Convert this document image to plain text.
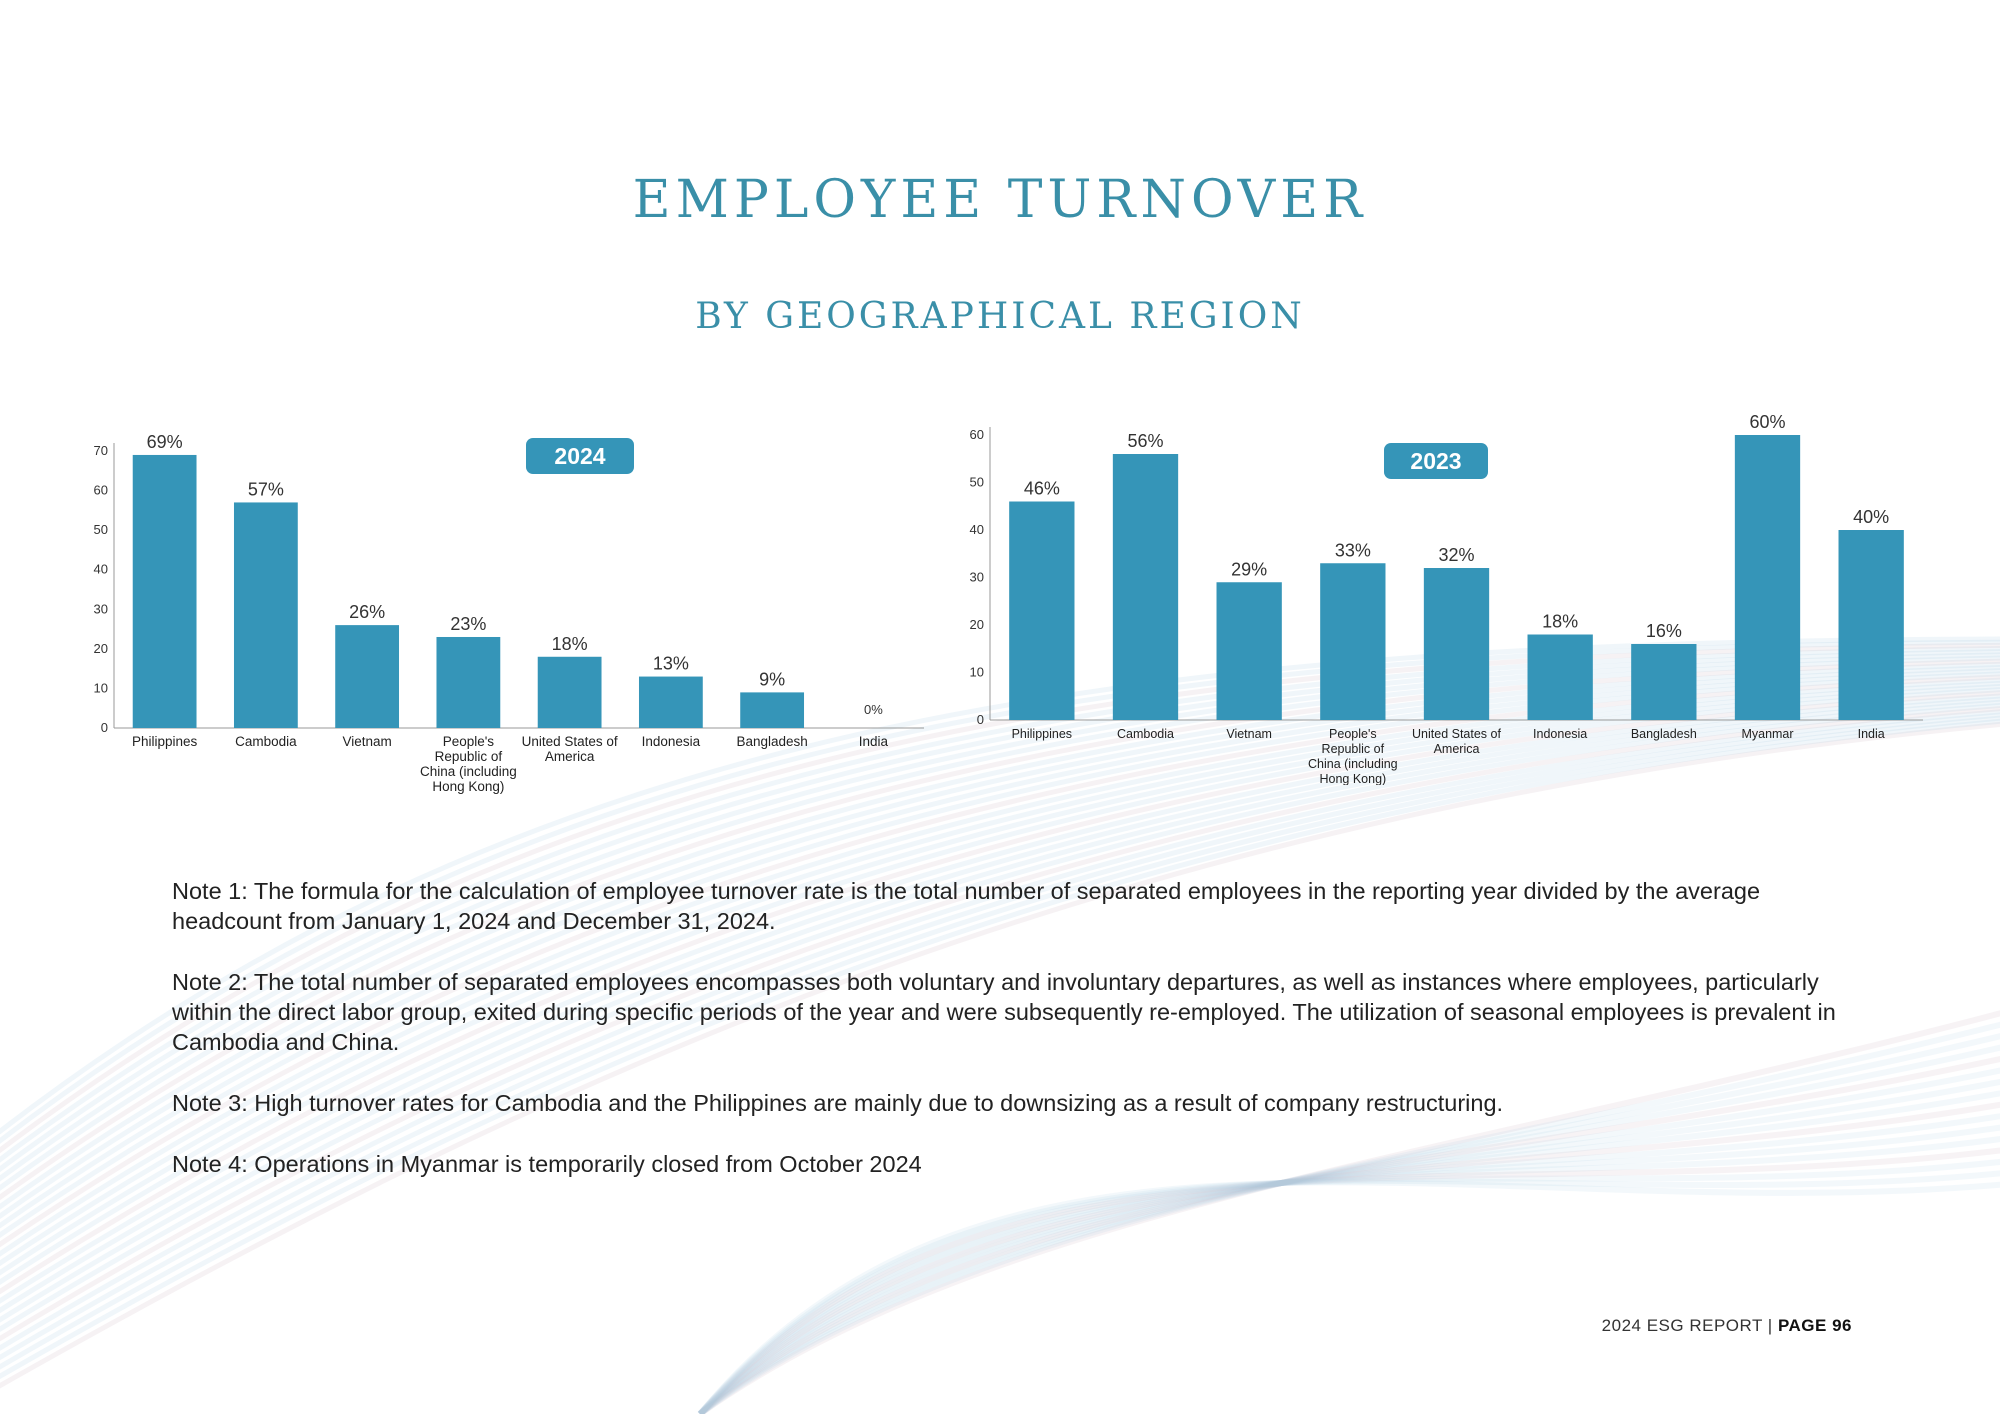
EMPLOYEE TURNOVER
BY GEOGRAPHICAL REGION
0
10
20
30
40
50
60
70 69%
Philippines
57%
Cambodia
26%
Vietnam
23%
People's Republic of China (including Hong Kong)
18%
United States of America
13%
Indonesia
9%
Bangladesh
0%
India
2024
0
10
20
30
40
50
60
46%
Philippines
56%
Cambodia
29%
Vietnam
33%
People's Republic of China (including Hong Kong)
32%
United States of America
18%
Indonesia
16%
Bangladesh
60%
Myanmar
40%
India
2023

Note 1: The formula for the calculation of employee turnover rate is the total number of separated employees in the reporting year divided by the average headcount from January 1, 2024 and December 31, 2024.

Note 2: The total number of separated employees encompasses both voluntary and involuntary departures, as well as instances where employees, particularly within the direct labor group, exited during specific periods of the year and were subsequently re-employed. The utilization of seasonal employees is prevalent in Cambodia and China.

Note 3: High turnover rates for Cambodia and the Philippines are mainly due to downsizing as a result of company restructuring.

Note 4: Operations in Myanmar is temporarily closed from October 2024

2024 ESG REPORT | PAGE 96
